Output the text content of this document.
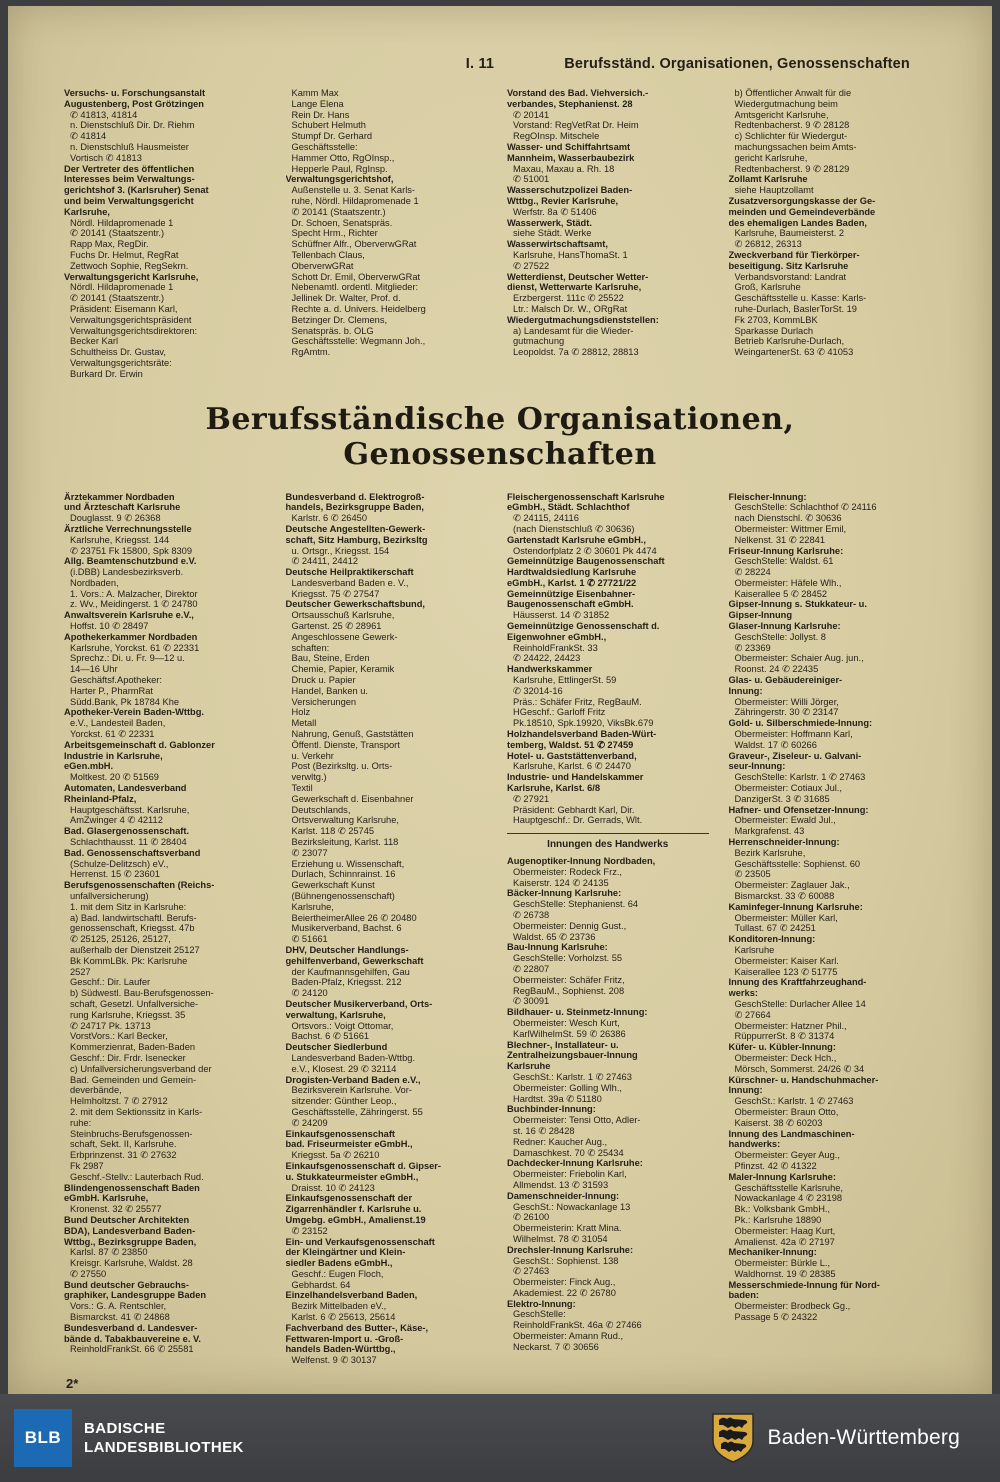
I. 11	Berufsständ. Organisationen, Genossenschaften
Versuchs- u. Forschungsanstalt
Augustenberg, Post Grötzingen
✆ 41813, 41814
n. Dienstschluß Dir. Dr. Riehm
✆ 41814
n. Dienstschluß Hausmeister
Vortisch ✆ 41813
Der Vertreter des öffentlichen
Interesses beim Verwaltungs-
gerichtshof 3. (Karlsruher) Senat
und beim Verwaltungsgericht
Karlsruhe,
Nördl. Hildapromenade 1
✆ 20141 (Staatszentr.)
Rapp Max, RegDir.
Fuchs Dr. Helmut, RegRat
Zettwoch Sophie, RegSekrn.
Verwaltungsgericht Karlsruhe,
Nördl. Hildapromenade 1
✆ 20141 (Staatszentr.)
Präsident: Eisemann Karl,
Verwaltungsgerichtspräsident
Verwaltungsgerichtsdirektoren:
Becker Karl
Schultheiss Dr. Gustav,
Verwaltungsgerichtsräte:
Burkard Dr. Erwin
Kamm Max
Lange Elena
Rein Dr. Hans
Schubert Helmuth
Stumpf Dr. Gerhard
Geschäftsstelle:
Hammer Otto, RgOInsp.,
Hepperle Paul, RgInsp.
Verwaltungsgerichtshof,
Außenstelle u. 3. Senat Karls-
ruhe, Nördl. Hildapromenade 1
✆ 20141 (Staatszentr.)
Dr. Schoen, Senatspräs.
Specht Hrm., Richter
Schüffner Alfr., OberverwGRat
Tellenbach Claus,
OberverwGRat
Schott Dr. Emil, OberverwGRat
Nebenamtl. ordentl. Mitglieder:
Jellinek Dr. Walter, Prof. d.
Rechte a. d. Univers. Heidelberg
Betzinger Dr. Clemens,
Senatspräs. b. OLG
Geschäftsstelle: Wegmann Joh.,
RgAmtm.
Vorstand des Bad. Viehversich.-
verbandes, Stephanienst. 28
✆ 20141
Vorstand: RegVetRat Dr. Heim
RegOInsp. Mitschele
Wasser- und Schiffahrtsamt
Mannheim, Wasserbaubezirk
Maxau, Maxau a. Rh. 18
✆ 51001
Wasserschutzpolizei Baden-
Wttbg., Revier Karlsruhe,
Werfstr. 8a ✆ 51406
Wasserwerk, Städt.
siehe Städt. Werke
Wasserwirtschaftsamt,
Karlsruhe, HansThomaSt. 1
✆ 27522
Wetterdienst, Deutscher Wetter-
dienst, Wetterwarte Karlsruhe,
Erzbergerst. 111c ✆ 25522
Ltr.: Malsch Dr. W., ORgRat
Wiedergutmachungsdienststellen:
a) Landesamt für die Wieder-
gutmachung
Leopoldst. 7a ✆ 28812, 28813
b) Öffentlicher Anwalt für die
Wiedergutmachung beim
Amtsgericht Karlsruhe,
Redtenbacherst. 9 ✆ 28128
c) Schlichter für Wiedergut-
machungssachen beim Amts-
gericht Karlsruhe,
Redtenbacherst. 9 ✆ 28129
Zollamt Karlsruhe
siehe Hauptzollamt
Zusatzversorgungskasse der Ge-
meinden und Gemeindeverbände
des ehemaligen Landes Baden,
Karlsruhe, Baumeisterst. 2
✆ 26812, 26313
Zweckverband für Tierkörper-
beseitigung. Sitz Karlsruhe
Verbandsvorstand: Landrat
Groß, Karlsruhe
Geschäftsstelle u. Kasse: Karls-
ruhe-Durlach, BaslerTorSt. 19
Fk 2703, KommLBK
Sparkasse Durlach
Betrieb Karlsruhe-Durlach,
WeingartenerSt. 63 ✆ 41053
Berufsständische Organisationen, Genossenschaften
Ärztekammer Nordbaden
und Ärzteschaft Karlsruhe
Douglasst. 9 ✆ 26368
Ärztliche Verrechnungsstelle
Karlsruhe, Kriegsst. 144
✆ 23751 Fk 15800, Spk 8309
Allg. Beamtenschutzbund e.V.
(i.DBB) Landesbezirksverb.
Nordbaden,
1. Vors.: A. Malzacher, Direktor
z. Wv., Meidingerst. 1 ✆ 24780
Anwaltsverein Karlsruhe e.V.,
Hoffst. 10 ✆ 28497
Apothekerkammer Nordbaden
Karlsruhe, Yorckst. 61 ✆ 22331
Sprechz.: Di. u. Fr. 9—12 u.
14—16 Uhr
Geschäftsf.Apotheker:
Harter P., PharmRat
Südd.Bank, Pk 18784 Khe
Apotheker-Verein Baden-Wttbg.
e.V., Landesteil Baden,
Yorckst. 61 ✆ 22331
Arbeitsgemeinschaft d. Gablonzer
Industrie in Karlsruhe,
eGen.mbH.
Moltkest. 20 ✆ 51569
Automaten, Landesverband
Rheinland-Pfalz,
Hauptgeschäftsst. Karlsruhe,
AmZwinger 4 ✆ 42112
Bad. Glasergenossenschaft.
Schlachthausst. 11 ✆ 28404
Bad. Genossenschaftsverband
(Schulze-Delitzsch) eV.,
Herrenst. 15 ✆ 23601
Berufsgenossenschaften (Reichs-
unfallversicherung)
1. mit dem Sitz in Karlsruhe:
a) Bad. landwirtschaftl. Berufs-
genossenschaft, Kriegsst. 47b
✆ 25125, 25126, 25127,
außerhalb der Dienstzeit 25127
Bk KommLBk. Pk: Karlsruhe
2527
Geschf.: Dir. Laufer
b) Südwestl. Bau-Berufsgenossen-
schaft, Gesetzl. Unfallversiche-
rung Karlsruhe, Kriegsst. 35
✆ 24717 Pk. 13713
VorstVors.: Karl Becker,
Kommerzienrat, Baden-Baden
Geschf.: Dir. Frdr. Isenecker
c) Unfallversicherungsverband der
Bad. Gemeinden und Gemein-
deverbände,
Helmholtzst. 7 ✆ 27912
2. mit dem Sektionssitz in Karls-
ruhe:
Steinbruchs-Berufsgenossen-
schaft, Sekt. II, Karlsruhe.
Erbprinzenst. 31 ✆ 27632
Fk 2987
Geschf.-Stellv.: Lauterbach Rud.
Blindengenossenschaft Baden
eGmbH. Karlsruhe,
Kronenst. 32 ✆ 25577
Bund Deutscher Architekten
BDA), Landesverband Baden-
Wttbg., Bezirksgruppe Baden,
Karlsl. 87 ✆ 23850
Kreisgr. Karlsruhe, Waldst. 28
✆ 27550
Bund deutscher Gebrauchs-
graphiker, Landesgruppe Baden
Vors.: G. A. Rentschler,
Bismarckst. 41 ✆ 24868
Bundesverband d. Landesver-
bände d. Tabakbauvereine e. V.
ReinholdFrankSt. 66 ✆ 25581
Bundesverband d. Elektrogroß-
handels, Bezirksgruppe Baden,
Karlstr. 6 ✆ 26450
Deutsche Angestellten-Gewerk-
schaft, Sitz Hamburg, Bezirksltg
u. Ortsgr., Kriegsst. 154
✆ 24411, 24412
Deutsche Heilpraktikerschaft
Landesverband Baden e. V.,
Kriegsst. 75 ✆ 27547
Deutscher Gewerkschaftsbund,
Ortsausschuß Karlsruhe,
Gartenst. 25 ✆ 28961
Angeschlossene Gewerk-
schaften:
Bau, Steine, Erden
Chemie, Papier, Keramik
Druck u. Papier
Handel, Banken u.
Versicherungen
Holz
Metall
Nahrung, Genuß, Gaststätten
Öffentl. Dienste, Transport
u. Verkehr
Post (Bezirksltg. u. Orts-
verwltg.)
Textil
Gewerkschaft d. Eisenbahner
Deutschlands,
Ortsverwaltung Karlsruhe,
Karlst. 118 ✆ 25745
Bezirksleitung, Karlst. 118
✆ 23077
Erziehung u. Wissenschaft,
Durlach, Schinnrainst. 16
Gewerkschaft Kunst
(Bühnengenossenschaft)
Karlsruhe,
BeiertheimerAllee 26 ✆ 20480
Musikerverband, Bachst. 6
✆ 51661
DHV, Deutscher Handlungs-
gehilfenverband, Gewerkschaft
der Kaufmannsgehilfen, Gau
Baden-Pfalz, Kriegsst. 212
✆ 24120
Deutscher Musikerverband, Orts-
verwaltung, Karlsruhe,
Ortsvors.: Voigt Ottomar,
Bachst. 6 ✆ 51661
Deutscher Siedlerbund
Landesverband Baden-Wttbg.
e.V., Klosest. 29 ✆ 32114
Drogisten-Verband Baden e.V.,
Bezirksverein Karlsruhe. Vor-
sitzender: Günther Leop.,
Geschäftsstelle, Zähringerst. 55
✆ 24209
Einkaufsgenossenschaft
bad. Friseurmeister eGmbH.,
Kriegsst. 5a ✆ 26210
Einkaufsgenossenschaft d. Gipser-
u. Stukkateurmeister eGmbH.,
Draisst. 10 ✆ 24123
Einkaufsgenossenschaft der
Zigarrenhändler f. Karlsruhe u.
Umgebg. eGmbH., Amalienst.19
✆ 23152
Ein- und Verkaufsgenossenschaft
der Kleingärtner und Klein-
siedler Badens eGmbH.,
Geschf.: Eugen Floch,
Gebhardst. 64
Einzelhandelsverband Baden,
Bezirk Mittelbaden eV.,
Karlst. 6 ✆ 25613, 25614
Fachverband des Butter-, Käse-,
Fettwaren-Import u. -Groß-
handels Baden-Württbg.,
Welfenst. 9 ✆ 30137
Fleischergenossenschaft Karlsruhe
eGmbH., Städt. Schlachthof
✆ 24115, 24116
(nach Dienstschluß ✆ 30636)
Gartenstadt Karlsruhe eGmbH.,
Ostendorfplatz 2 ✆ 30601 Pk 4474
Gemeinnützige Baugenossenschaft
Hardtwaldsiedlung Karlsruhe
eGmbH., Karlst. 1 ✆ 27721/22
Gemeinnützige Eisenbahner-
Baugenossenschaft eGmbH.
Häusserst. 14 ✆ 31852
Gemeinnützige Genossenschaft d.
Eigenwohner eGmbH.,
ReinholdFrankSt. 33
✆ 24422, 24423
Handwerkskammer
Karlsruhe, EttlingerSt. 59
✆ 32014-16
Präs.: Schäfer Fritz, RegBauM.
HGeschf.: Garloff Fritz
Pk.18510, Spk.19920, ViksBk.679
Holzhandelsverband Baden-Würt-
temberg, Waldst. 51 ✆ 27459
Hotel- u. Gaststättenverband,
Karlsruhe, Karlst. 6 ✆ 24470
Industrie- und Handelskammer
Karlsruhe, Karlst. 6/8
✆ 27921
Präsident: Gebhardt Karl, Dir.
Hauptgeschf.: Dr. Gerrads, Wlt.
Innungen des Handwerks
Augenoptiker-Innung Nordbaden,
Obermeister: Rodeck Frz.,
Kaiserstr. 124 ✆ 24135
Bäcker-Innung Karlsruhe:
GeschStelle: Stephanienst. 64
✆ 26738
Obermeister: Dennig Gust.,
Waldst. 65 ✆ 23736
Bau-Innung Karlsruhe:
GeschStelle: Vorholzst. 55
✆ 22807
Obermeister: Schäfer Fritz,
RegBauM., Sophienst. 208
✆ 30091
Bildhauer- u. Steinmetz-Innung:
Obermeister: Wesch Kurt,
KarlWilhelmSt. 59 ✆ 26386
Blechner-, Installateur- u.
Zentralheizungsbauer-Innung
Karlsruhe
GeschSt.: Karlstr. 1 ✆ 27463
Obermeister: Golling Wlh.,
Hardtst. 39a ✆ 51180
Buchbinder-Innung:
Obermeister: Tensi Otto, Adler-
st. 16 ✆ 28428
Redner: Kaucher Aug.,
Damaschkest. 70 ✆ 25434
Dachdecker-Innung Karlsruhe:
Obermeister: Friebolin Karl,
Allmendst. 13 ✆ 31593
Damenschneider-Innung:
GeschSt.: Nowackanlage 13
✆ 26100
Obermeisterin: Kratt Mina.
Wilhelmst. 78 ✆ 31054
Drechsler-Innung Karlsruhe:
GeschSt.: Sophienst. 138
✆ 27463
Obermeister: Finck Aug.,
Akademiest. 22 ✆ 26780
Elektro-Innung:
GeschStelle:
ReinholdFrankSt. 46a ✆ 27466
Obermeister: Amann Rud.,
Neckarst. 7 ✆ 30656
Fleischer-Innung:
GeschStelle: Schlachthof ✆ 24116
nach Dienstschl. ✆ 30636
Obermeister: Wittmer Emil,
Nelkenst. 31 ✆ 22841
Friseur-Innung Karlsruhe:
GeschStelle: Waldst. 61
✆ 28224
Obermeister: Häfele Wlh.,
Kaiserallee 5 ✆ 28452
Gipser-Innung s. Stukkateur- u.
Gipser-Innung
Glaser-Innung Karlsruhe:
GeschStelle: Jollyst. 8
✆ 23369
Obermeister: Schaier Aug. jun.,
Roonst. 24 ✆ 22435
Glas- u. Gebäudereiniger-
Innung:
Obermeister: Willi Jörger,
Zähringerstr. 30 ✆ 23147
Gold- u. Silberschmiede-Innung:
Obermeister: Hoffmann Karl,
Waldst. 17 ✆ 60266
Graveur-, Ziseleur- u. Galvani-
seur-Innung:
GeschStelle: Karlstr. 1 ✆ 27463
Obermeister: Cotiaux Jul.,
DanzigerSt. 3 ✆ 31685
Hafner- und Ofensetzer-Innung:
Obermeister: Ewald Jul.,
Markgrafenst. 43
Herrenschneider-Innung:
Bezirk Karlsruhe,
Geschäftsstelle: Sophienst. 60
✆ 23505
Obermeister: Zaglauer Jak.,
Bismarckst. 33 ✆ 60088
Kaminfeger-Innung Karlsruhe:
Obermeister: Müller Karl,
Tullast. 67 ✆ 24251
Konditoren-Innung:
Karlsruhe
Obermeister: Kaiser Karl.
Kaiserallee 123 ✆ 51775
Innung des Kraftfahrzeughand-
werks:
GeschStelle: Durlacher Allee 14
✆ 27664
Obermeister: Hatzner Phil.,
RüppurrerSt. 8 ✆ 31374
Küfer- u. Kübler-Innung:
Obermeister: Deck Hch.,
Mörsch, Sommerst. 24/26 ✆ 34
Kürschner- u. Handschuhmacher-
Innung:
GeschSt.: Karlstr. 1 ✆ 27463
Obermeister: Braun Otto,
Kaiserst. 38 ✆ 60203
Innung des Landmaschinen-
handwerks:
Obermeister: Geyer Aug.,
Pfinzst. 42 ✆ 41322
Maler-Innung Karlsruhe:
Geschäftsstelle Karlsruhe,
Nowackanlage 4 ✆ 23198
Bk.: Volksbank GmbH.,
Pk.: Karlsruhe 18890
Obermeister: Haag Kurt,
Amalienst. 42a ✆ 27197
Mechaniker-Innung:
Obermeister: Bürkle L.,
Waldhornst. 19 ✆ 28385
Messerschmiede-Innung für Nord-
baden:
Obermeister: Brodbeck Gg.,
Passage 5 ✆ 24322
2*
BLB	BADISCHE
LANDESBIBLIOTHEK	Baden-Württemberg
